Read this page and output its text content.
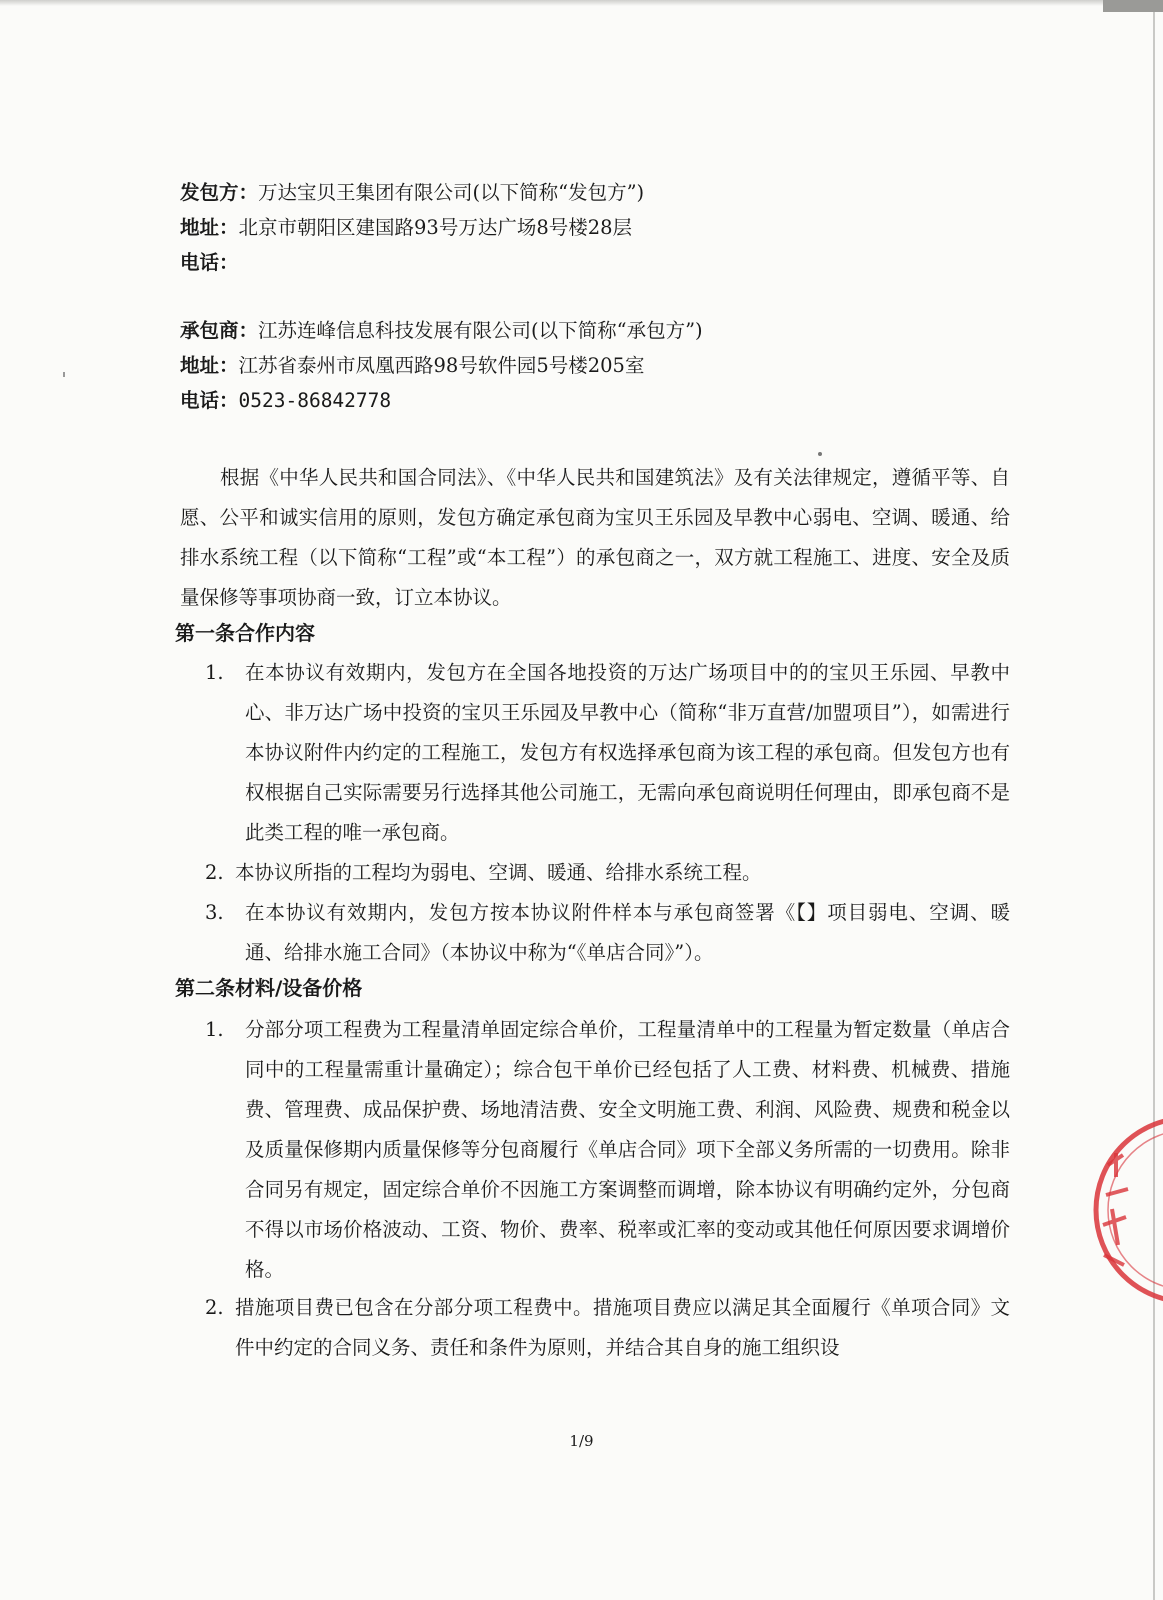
发包方：万达宝贝王集团有限公司(以下简称“发包方”)
地址：北京市朝阳区建国路93号万达广场8号楼28层
电话：
承包商：江苏连峰信息科技发展有限公司(以下简称“承包方”)
地址：江苏省泰州市凤凰西路98号软件园5号楼205室
电话：0523-86842778

根据《中华人民共和国合同法》、《中华人民共和国建筑法》及有关法律规定，遵循平等、自愿、公平和诚实信用的原则，发包方确定承包商为宝贝王乐园及早教中心弱电、空调、暖通、给排水系统工程（以下简称“工程”或“本工程”）的承包商之一，双方就工程施工、进度、安全及质量保修等事项协商一致，订立本协议。

第一条合作内容
1.	在本协议有效期内，发包方在全国各地投资的万达广场项目中的的宝贝王乐园、早教中心、非万达广场中投资的宝贝王乐园及早教中心（简称“非万直营/加盟项目”），如需进行本协议附件内约定的工程施工，发包方有权选择承包商为该工程的承包商。但发包方也有权根据自己实际需要另行选择其他公司施工，无需向承包商说明任何理由，即承包商不是此类工程的唯一承包商。
2. 本协议所指的工程均为弱电、空调、暖通、给排水系统工程。
3.	在本协议有效期内，发包方按本协议附件样本与承包商签署《【】项目弱电、空调、暖通、给排水施工合同》（本协议中称为“《单店合同》”）。
第二条材料/设备价格
1.	分部分项工程费为工程量清单固定综合单价，工程量清单中的工程量为暂定数量（单店合同中的工程量需重计量确定）；综合包干单价已经包括了人工费、材料费、机械费、措施费、管理费、成品保护费、场地清洁费、安全文明施工费、利润、风险费、规费和税金以及质量保修期内质量保修等分包商履行《单店合同》项下全部义务所需的一切费用。除非合同另有规定，固定综合单价不因施工方案调整而调增，除本协议有明确约定外，分包商不得以市场价格波动、工资、物价、费率、税率或汇率的变动或其他任何原因要求调增价格。
2. 措施项目费已包含在分部分项工程费中。措施项目费应以满足其全面履行《单项合同》文件中约定的合同义务、责任和条件为原则，并结合其自身的施工组织设
1/9
